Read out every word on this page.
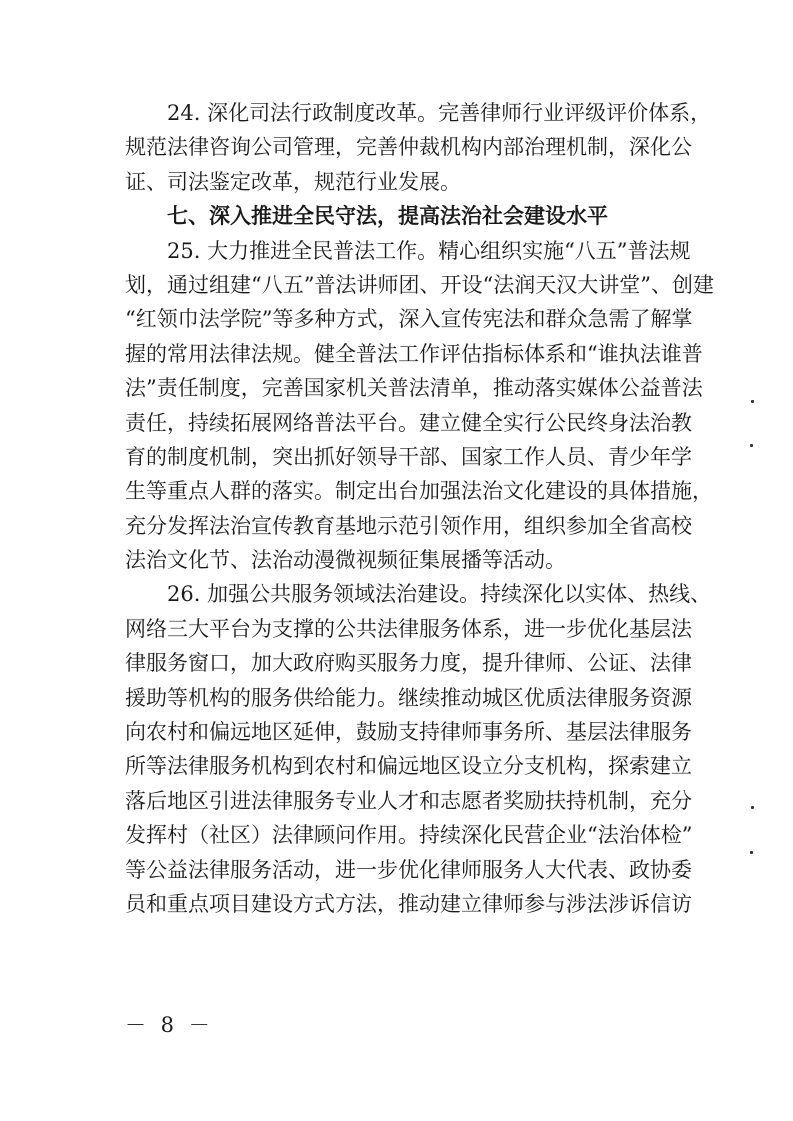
24. 深化司法行政制度改革。完善律师行业评级评价体系，
规范法律咨询公司管理，完善仲裁机构内部治理机制，深化公
证、司法鉴定改革，规范行业发展。
七、深入推进全民守法，提高法治社会建设水平
25. 大力推进全民普法工作。精心组织实施“八五”普法规
划，通过组建“八五”普法讲师团、开设“法润天汉大讲堂”、创建
“红领巾法学院”等多种方式，深入宣传宪法和群众急需了解掌
握的常用法律法规。健全普法工作评估指标体系和“谁执法谁普
法”责任制度，完善国家机关普法清单，推动落实媒体公益普法
责任，持续拓展网络普法平台。建立健全实行公民终身法治教
育的制度机制，突出抓好领导干部、国家工作人员、青少年学
生等重点人群的落实。制定出台加强法治文化建设的具体措施，
充分发挥法治宣传教育基地示范引领作用，组织参加全省高校
法治文化节、法治动漫微视频征集展播等活动。
26. 加强公共服务领域法治建设。持续深化以实体、热线、
网络三大平台为支撑的公共法律服务体系，进一步优化基层法
律服务窗口，加大政府购买服务力度，提升律师、公证、法律
援助等机构的服务供给能力。继续推动城区优质法律服务资源
向农村和偏远地区延伸，鼓励支持律师事务所、基层法律服务
所等法律服务机构到农村和偏远地区设立分支机构，探索建立
落后地区引进法律服务专业人才和志愿者奖励扶持机制，充分
发挥村（社区）法律顾问作用。持续深化民营企业“法治体检”
等公益法律服务活动，进一步优化律师服务人大代表、政协委
员和重点项目建设方式方法，推动建立律师参与涉法涉诉信访
－ 8 －
